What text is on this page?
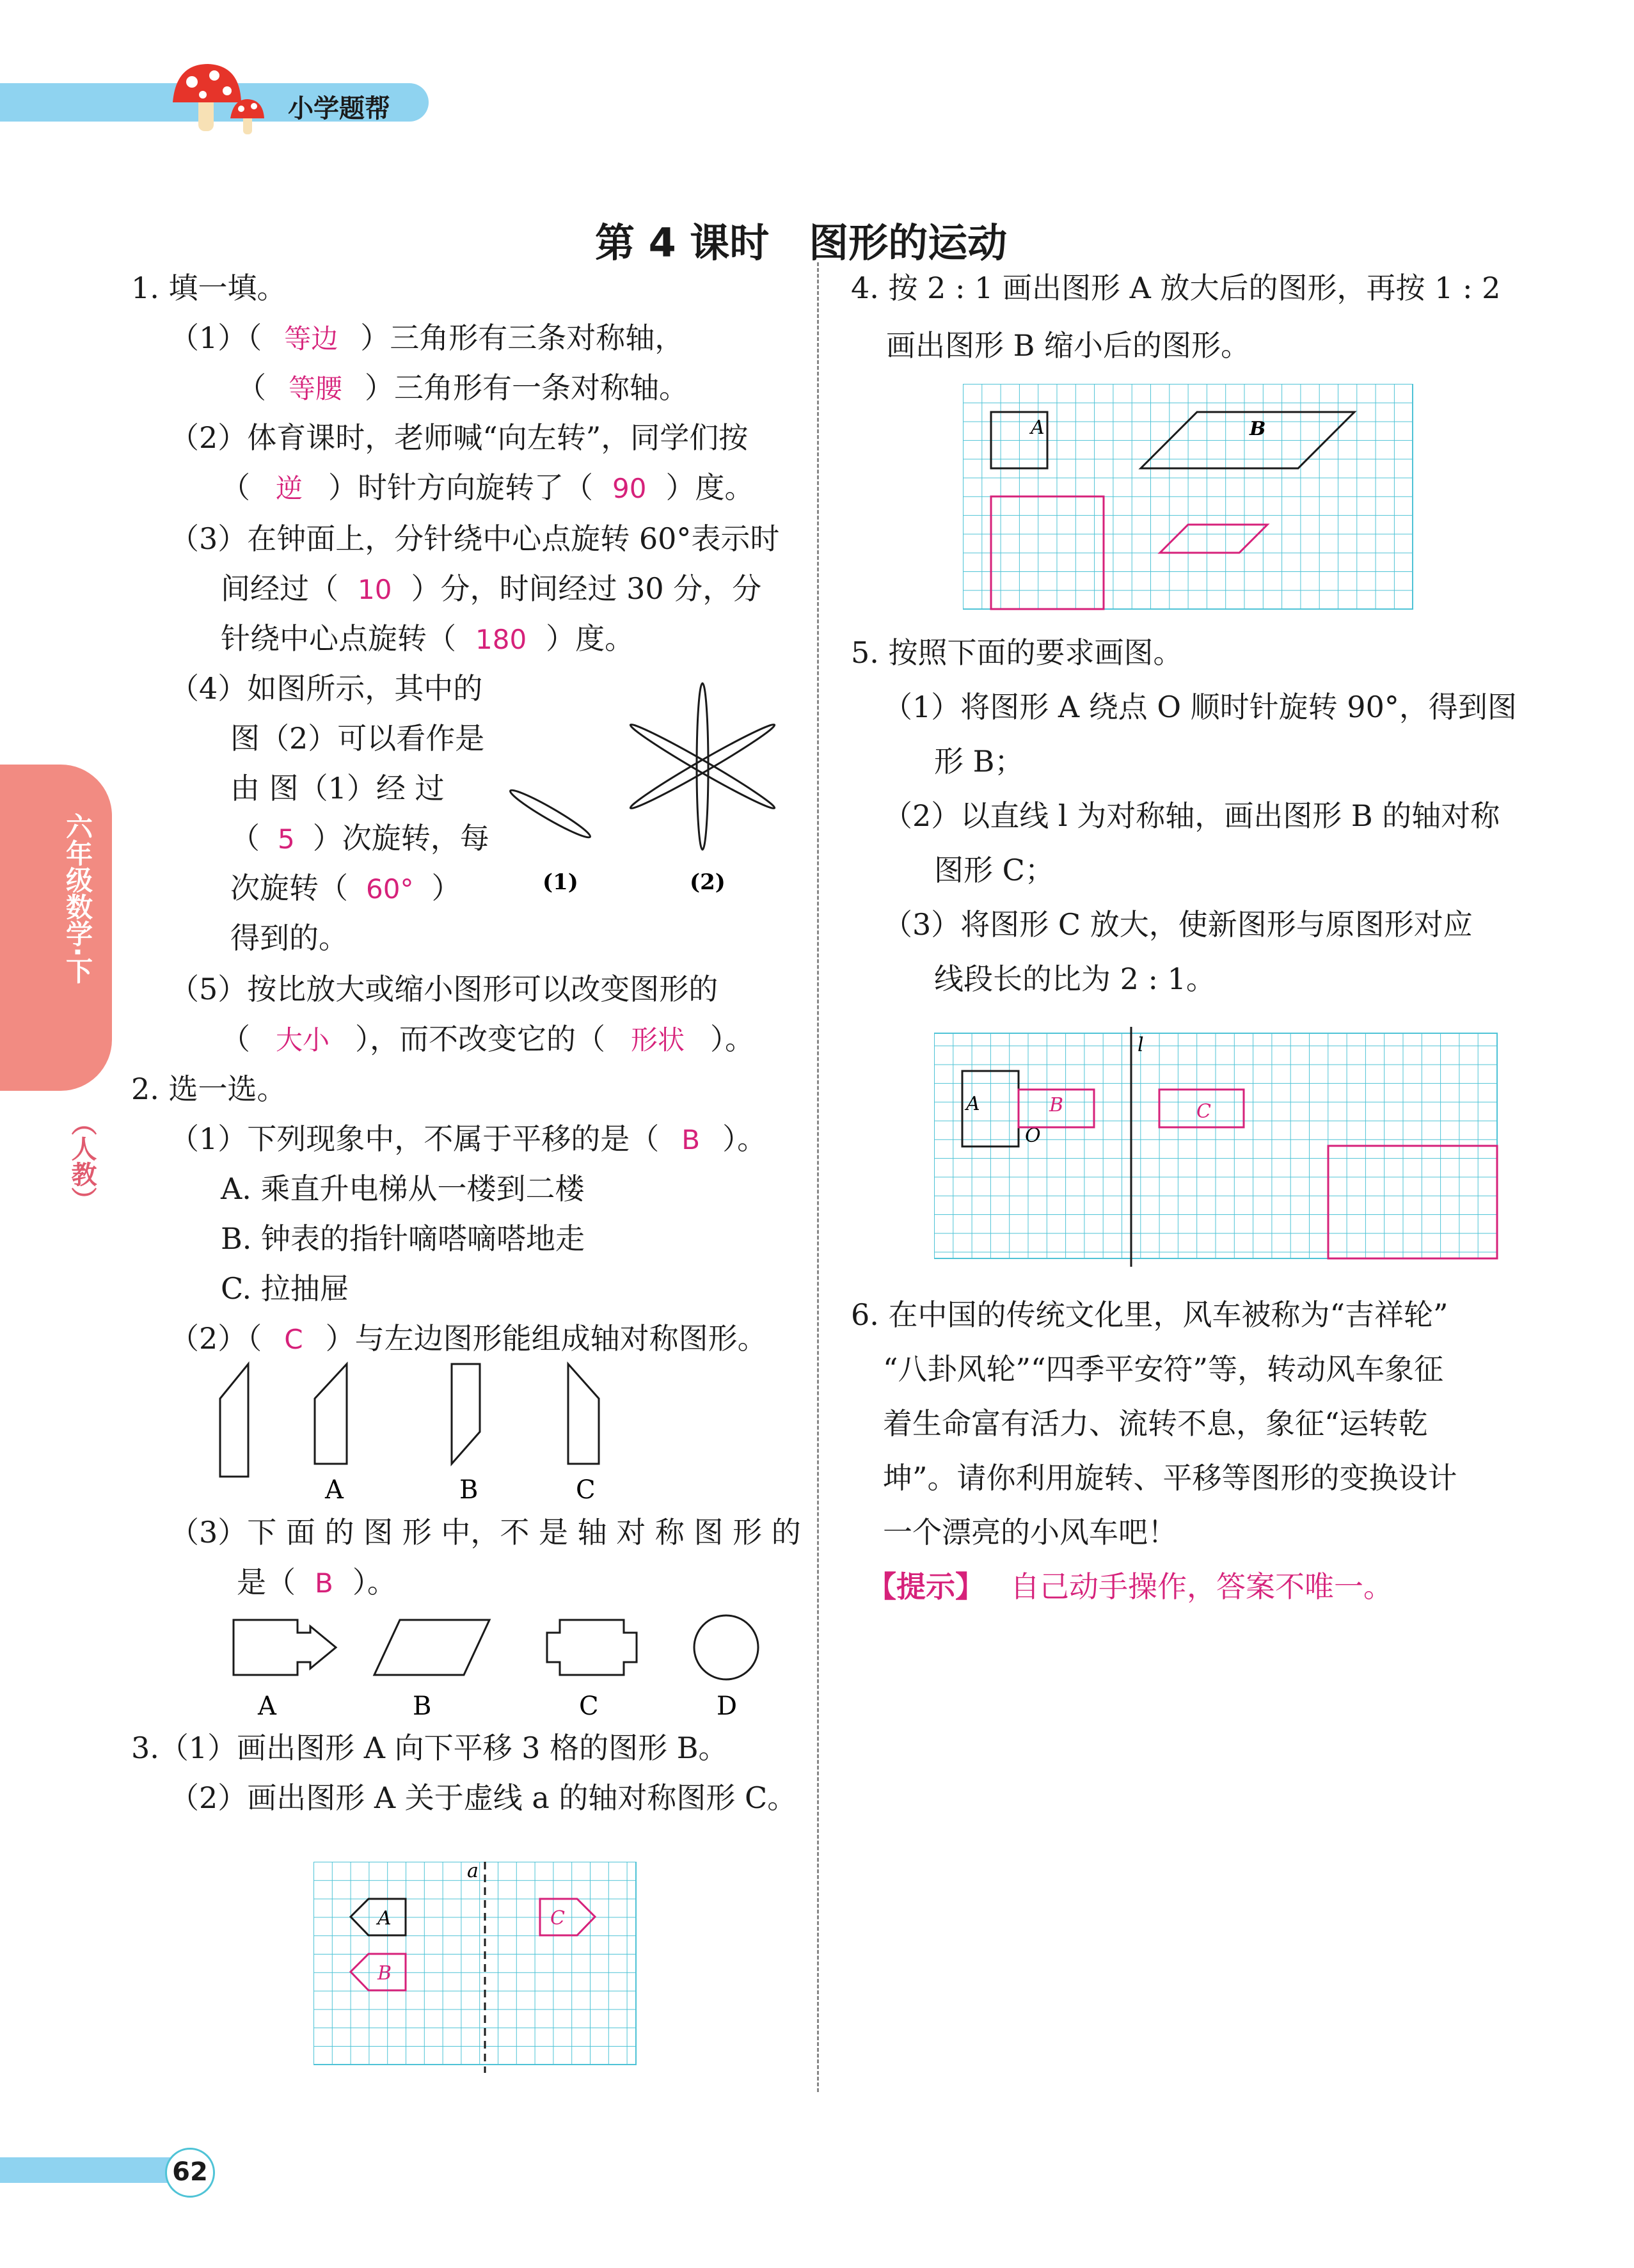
小学题帮
六年级数学·下
（人教）
第 4 课时　图形的运动
1. 填一填。
（1）（ 等边 ）三角形有三条对称轴，
（ 等腰 ）三角形有一条对称轴。
（2）体育课时，老师喊“向左转”，同学们按
（ 逆 ）时针方向旋转了（ 90 ）度。
（3）在钟面上，分针绕中心点旋转 60°表示时
间经过（ 10 ）分，时间经过 30 分，分
针绕中心点旋转（ 180 ）度。
（4）如图所示，其中的
图（2）可以看作是
由 图（1）经 过
（ 5 ）次旋转，每
次旋转（ 60° ）
得到的。
(1)	(2)
（5）按比放大或缩小图形可以改变图形的
（ 大小 ），而不改变它的（ 形状 ）。
2. 选一选。
（1）下列现象中，不属于平移的是（ B ）。
A. 乘直升电梯从一楼到二楼
B. 钟表的指针嘀嗒嘀嗒地走
C. 拉抽屉
（2）（ C ）与左边图形能组成轴对称图形。
A	B	C
（3）下 面 的 图 形 中，不 是 轴 对 称 图 形 的
是（ B ）。
A	B	C	D
3.（1）画出图形 A 向下平移 3 格的图形 B。
（2）画出图形 A 关于虚线 a 的轴对称图形 C。
a
A	C
B
4. 按 2 : 1 画出图形 A 放大后的图形，再按 1 : 2
画出图形 B 缩小后的图形。
A	B
5. 按照下面的要求画图。
（1）将图形 A 绕点 O 顺时针旋转 90°，得到图
形 B；
（2）以直线 l 为对称轴，画出图形 B 的轴对称
图形 C；
（3）将图形 C 放大，使新图形与原图形对应
线段长的比为 2 : 1。
l
A
O
B	C
6. 在中国的传统文化里，风车被称为“吉祥轮”
“八卦风轮”“四季平安符”等，转动风车象征
着生命富有活力、流转不息，象征“运转乾
坤”。请你利用旋转、平移等图形的变换设计
一个漂亮的小风车吧！
【提示】 自己动手操作，答案不唯一。
62
